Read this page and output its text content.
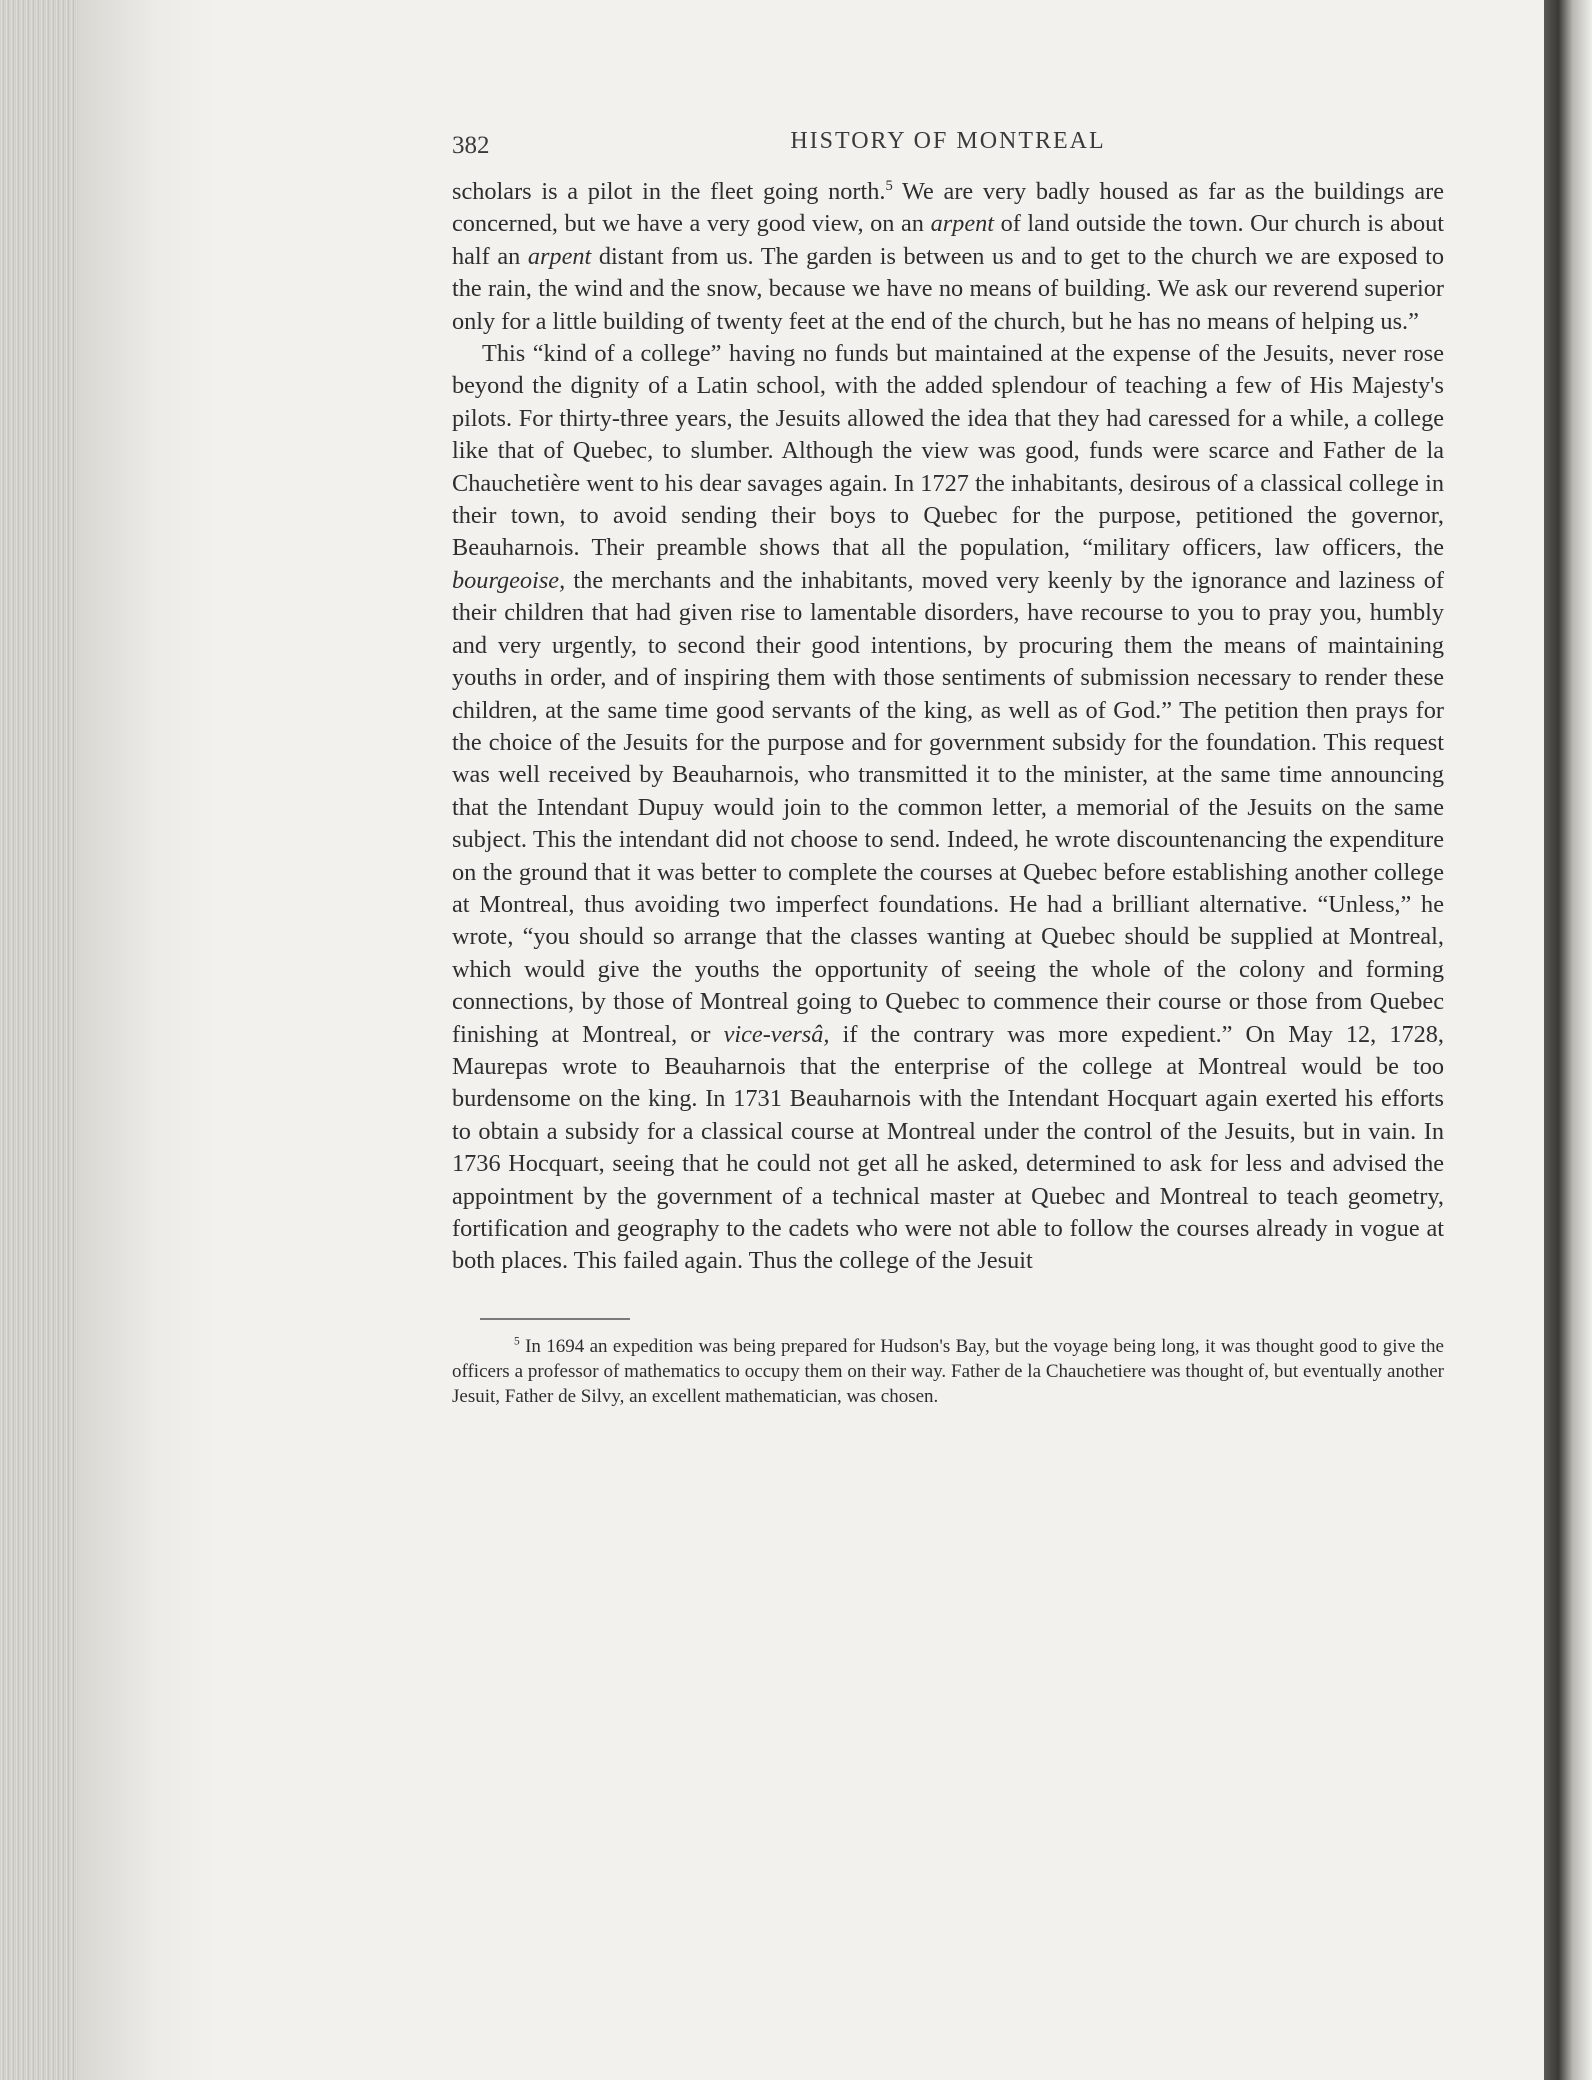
382	HISTORY OF MONTREAL

scholars is a pilot in the fleet going north.$^5$ We are very badly housed as far as the buildings are concerned, but we have a very good view, on an arpent of land outside the town. Our church is about half an arpent distant from us. The garden is between us and to get to the church we are exposed to the rain, the wind and the snow, because we have no means of building. We ask our reverend superior only for a little building of twenty feet at the end of the church, but he has no means of helping us.”

This “kind of a college” having no funds but maintained at the expense of the Jesuits, never rose beyond the dignity of a Latin school, with the added splendour of teaching a few of His Majesty's pilots. For thirty-three years, the Jesuits allowed the idea that they had caressed for a while, a college like that of Quebec, to slumber. Although the view was good, funds were scarce and Father de la Chauchetière went to his dear savages again. In 1727 the inhabitants, desirous of a classical college in their town, to avoid sending their boys to Quebec for the purpose, petitioned the governor, Beauharnois. Their preamble shows that all the population, “military officers, law officers, the bourgeoise, the merchants and the inhabitants, moved very keenly by the ignorance and laziness of their children that had given rise to lamentable disorders, have recourse to you to pray you, humbly and very urgently, to second their good intentions, by procuring them the means of maintaining youths in order, and of inspiring them with those sentiments of submission necessary to render these children, at the same time good servants of the king, as well as of God.” The petition then prays for the choice of the Jesuits for the purpose and for government subsidy for the foundation. This request was well received by Beauharnois, who transmitted it to the minister, at the same time announcing that the Intendant Dupuy would join to the common letter, a memorial of the Jesuits on the same subject. This the intendant did not choose to send. Indeed, he wrote discountenancing the expenditure on the ground that it was better to complete the courses at Quebec before establishing another college at Montreal, thus avoiding two imperfect foundations. He had a brilliant alternative. “Unless,” he wrote, “you should so arrange that the classes wanting at Quebec should be supplied at Montreal, which would give the youths the opportunity of seeing the whole of the colony and forming connections, by those of Montreal going to Quebec to commence their course or those from Quebec finishing at Montreal, or vice-versâ, if the contrary was more expedient.” On May 12, 1728, Maurepas wrote to Beauharnois that the enterprise of the college at Montreal would be too burdensome on the king. In 1731 Beauharnois with the Intendant Hocquart again exerted his efforts to obtain a subsidy for a classical course at Montreal under the control of the Jesuits, but in vain. In 1736 Hocquart, seeing that he could not get all he asked, determined to ask for less and advised the appointment by the government of a technical master at Quebec and Montreal to teach geometry, fortification and geography to the cadets who were not able to follow the courses already in vogue at both places. This failed again. Thus the college of the Jesuit

$^5$ In 1694 an expedition was being prepared for Hudson's Bay, but the voyage being long, it was thought good to give the officers a professor of mathematics to occupy them on their way. Father de la Chauchetiere was thought of, but eventually another Jesuit, Father de Silvy, an excellent mathematician, was chosen.
